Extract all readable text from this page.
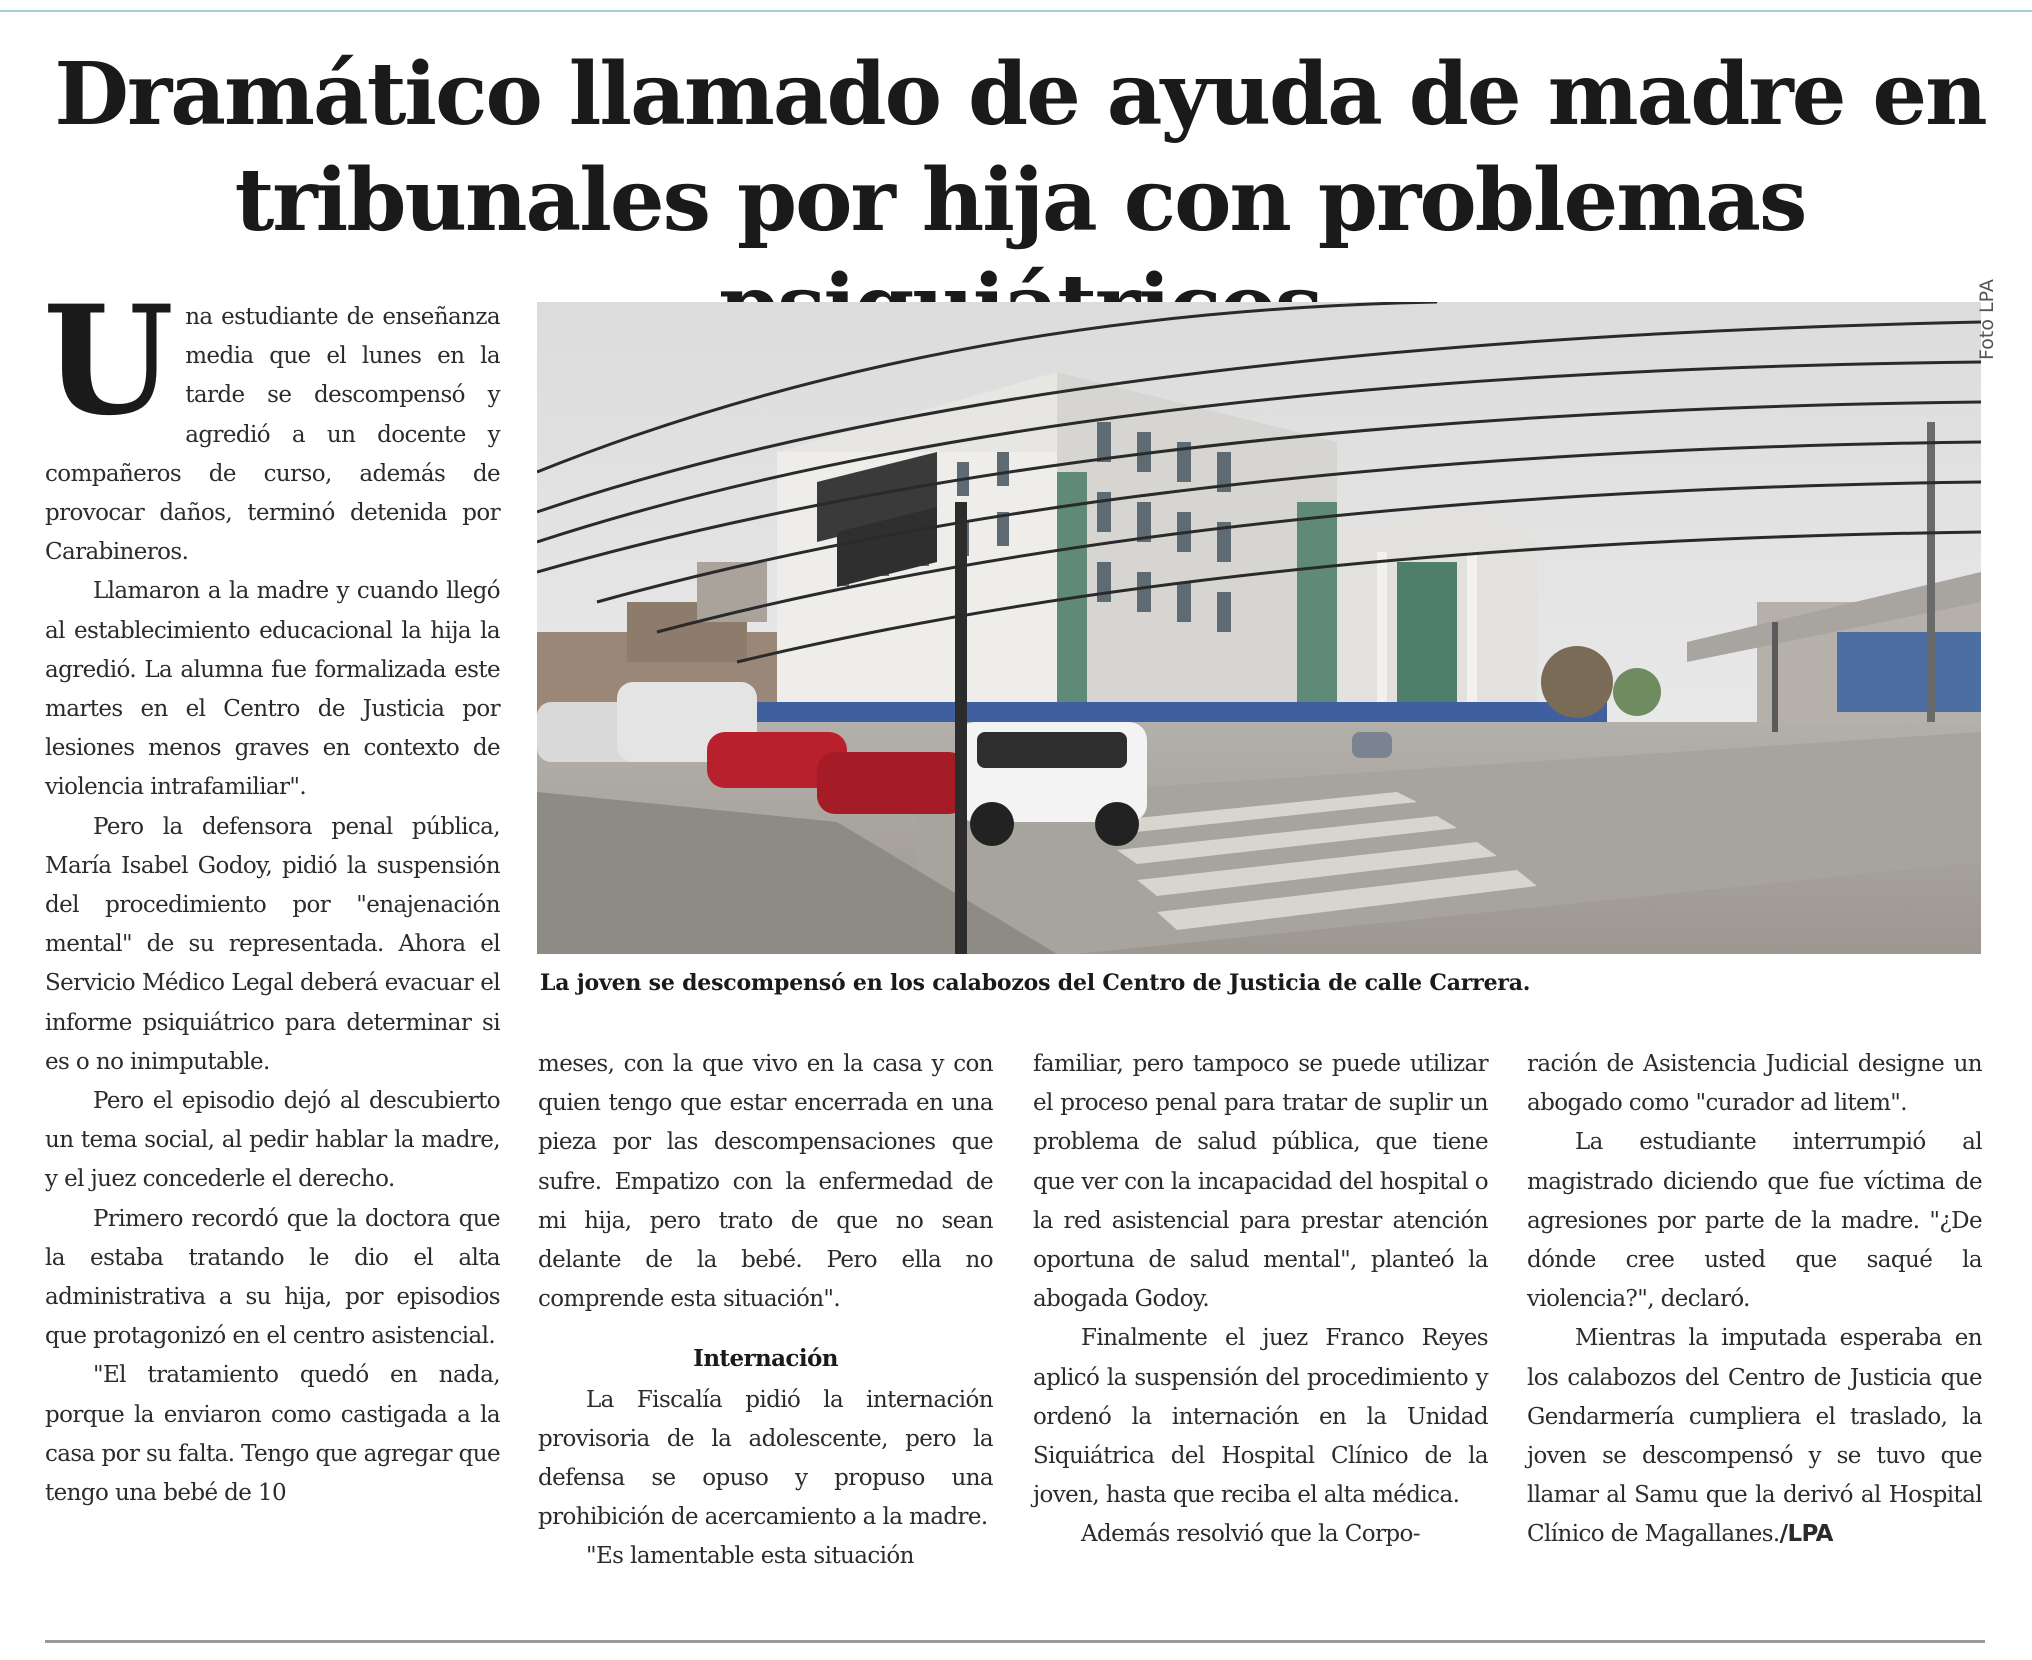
Dramático llamado de ayuda de madre en
tribunales por hija con problemas

Una estudiante de enseñanza media que el lunes en la tarde se descompensó y agredió a un docente y compañeros de curso, además de provocar daños, terminó detenida por Carabineros.

Llamaron a la madre y cuando llegó al establecimiento educacional la hija la agredió. La alumna fue formalizada este martes en el Centro de Justicia por lesiones menos graves en contexto de violencia intrafamiliar".

Pero la defensora penal pública, María Isabel Godoy, pidió la suspensión del procedimiento por "enajenación mental" de su representada. Ahora el Servicio Médico Legal deberá evacuar el informe psiquiátrico para determinar si es o no inimputable.

Pero el episodio dejó al descubierto un tema social, al pedir hablar la madre, y el juez concederle el derecho.

Primero recordó que la doctora que la estaba tratando le dio el alta administrativa a su hija, por episodios que protagonizó en el centro asistencial.

"El tratamiento quedó en nada, porque la enviaron como castigada a la casa por su falta. Tengo que agregar que tengo una bebé de 10

Foto LPA
La joven se descompensó en los calabozos del Centro de Justicia de calle Carrera.

meses, con la que vivo en la casa y con quien tengo que estar encerrada en una pieza por las descompensaciones que sufre. Empatizo con la enfermedad de mi hija, pero trato de que no sean delante de la bebé. Pero ella no comprende esta situación".

Internación

La Fiscalía pidió la internación provisoria de la adolescente, pero la defensa se opuso y propuso una prohibición de acercamiento a la madre.

"Es lamentable esta situación

familiar, pero tampoco se puede utilizar el proceso penal para tratar de suplir un problema de salud pública, que tiene que ver con la incapacidad del hospital o la red asistencial para prestar atención oportuna de salud mental", planteó la abogada Godoy.

Finalmente el juez Franco Reyes aplicó la suspensión del procedimiento y ordenó la internación en la Unidad Siquiátrica del Hospital Clínico de la joven, hasta que reciba el alta médica.

Además resolvió que la Corpo-

ración de Asistencia Judicial designe un abogado como "curador ad litem".

La estudiante interrumpió al magistrado diciendo que fue víctima de agresiones por parte de la madre. "¿De dónde cree usted que saqué la violencia?", declaró.

Mientras la imputada esperaba en los calabozos del Centro de Justicia que Gendarmería cumpliera el traslado, la joven se descompensó y se tuvo que llamar al Samu que la derivó al Hospital Clínico de Magallanes./LPA
